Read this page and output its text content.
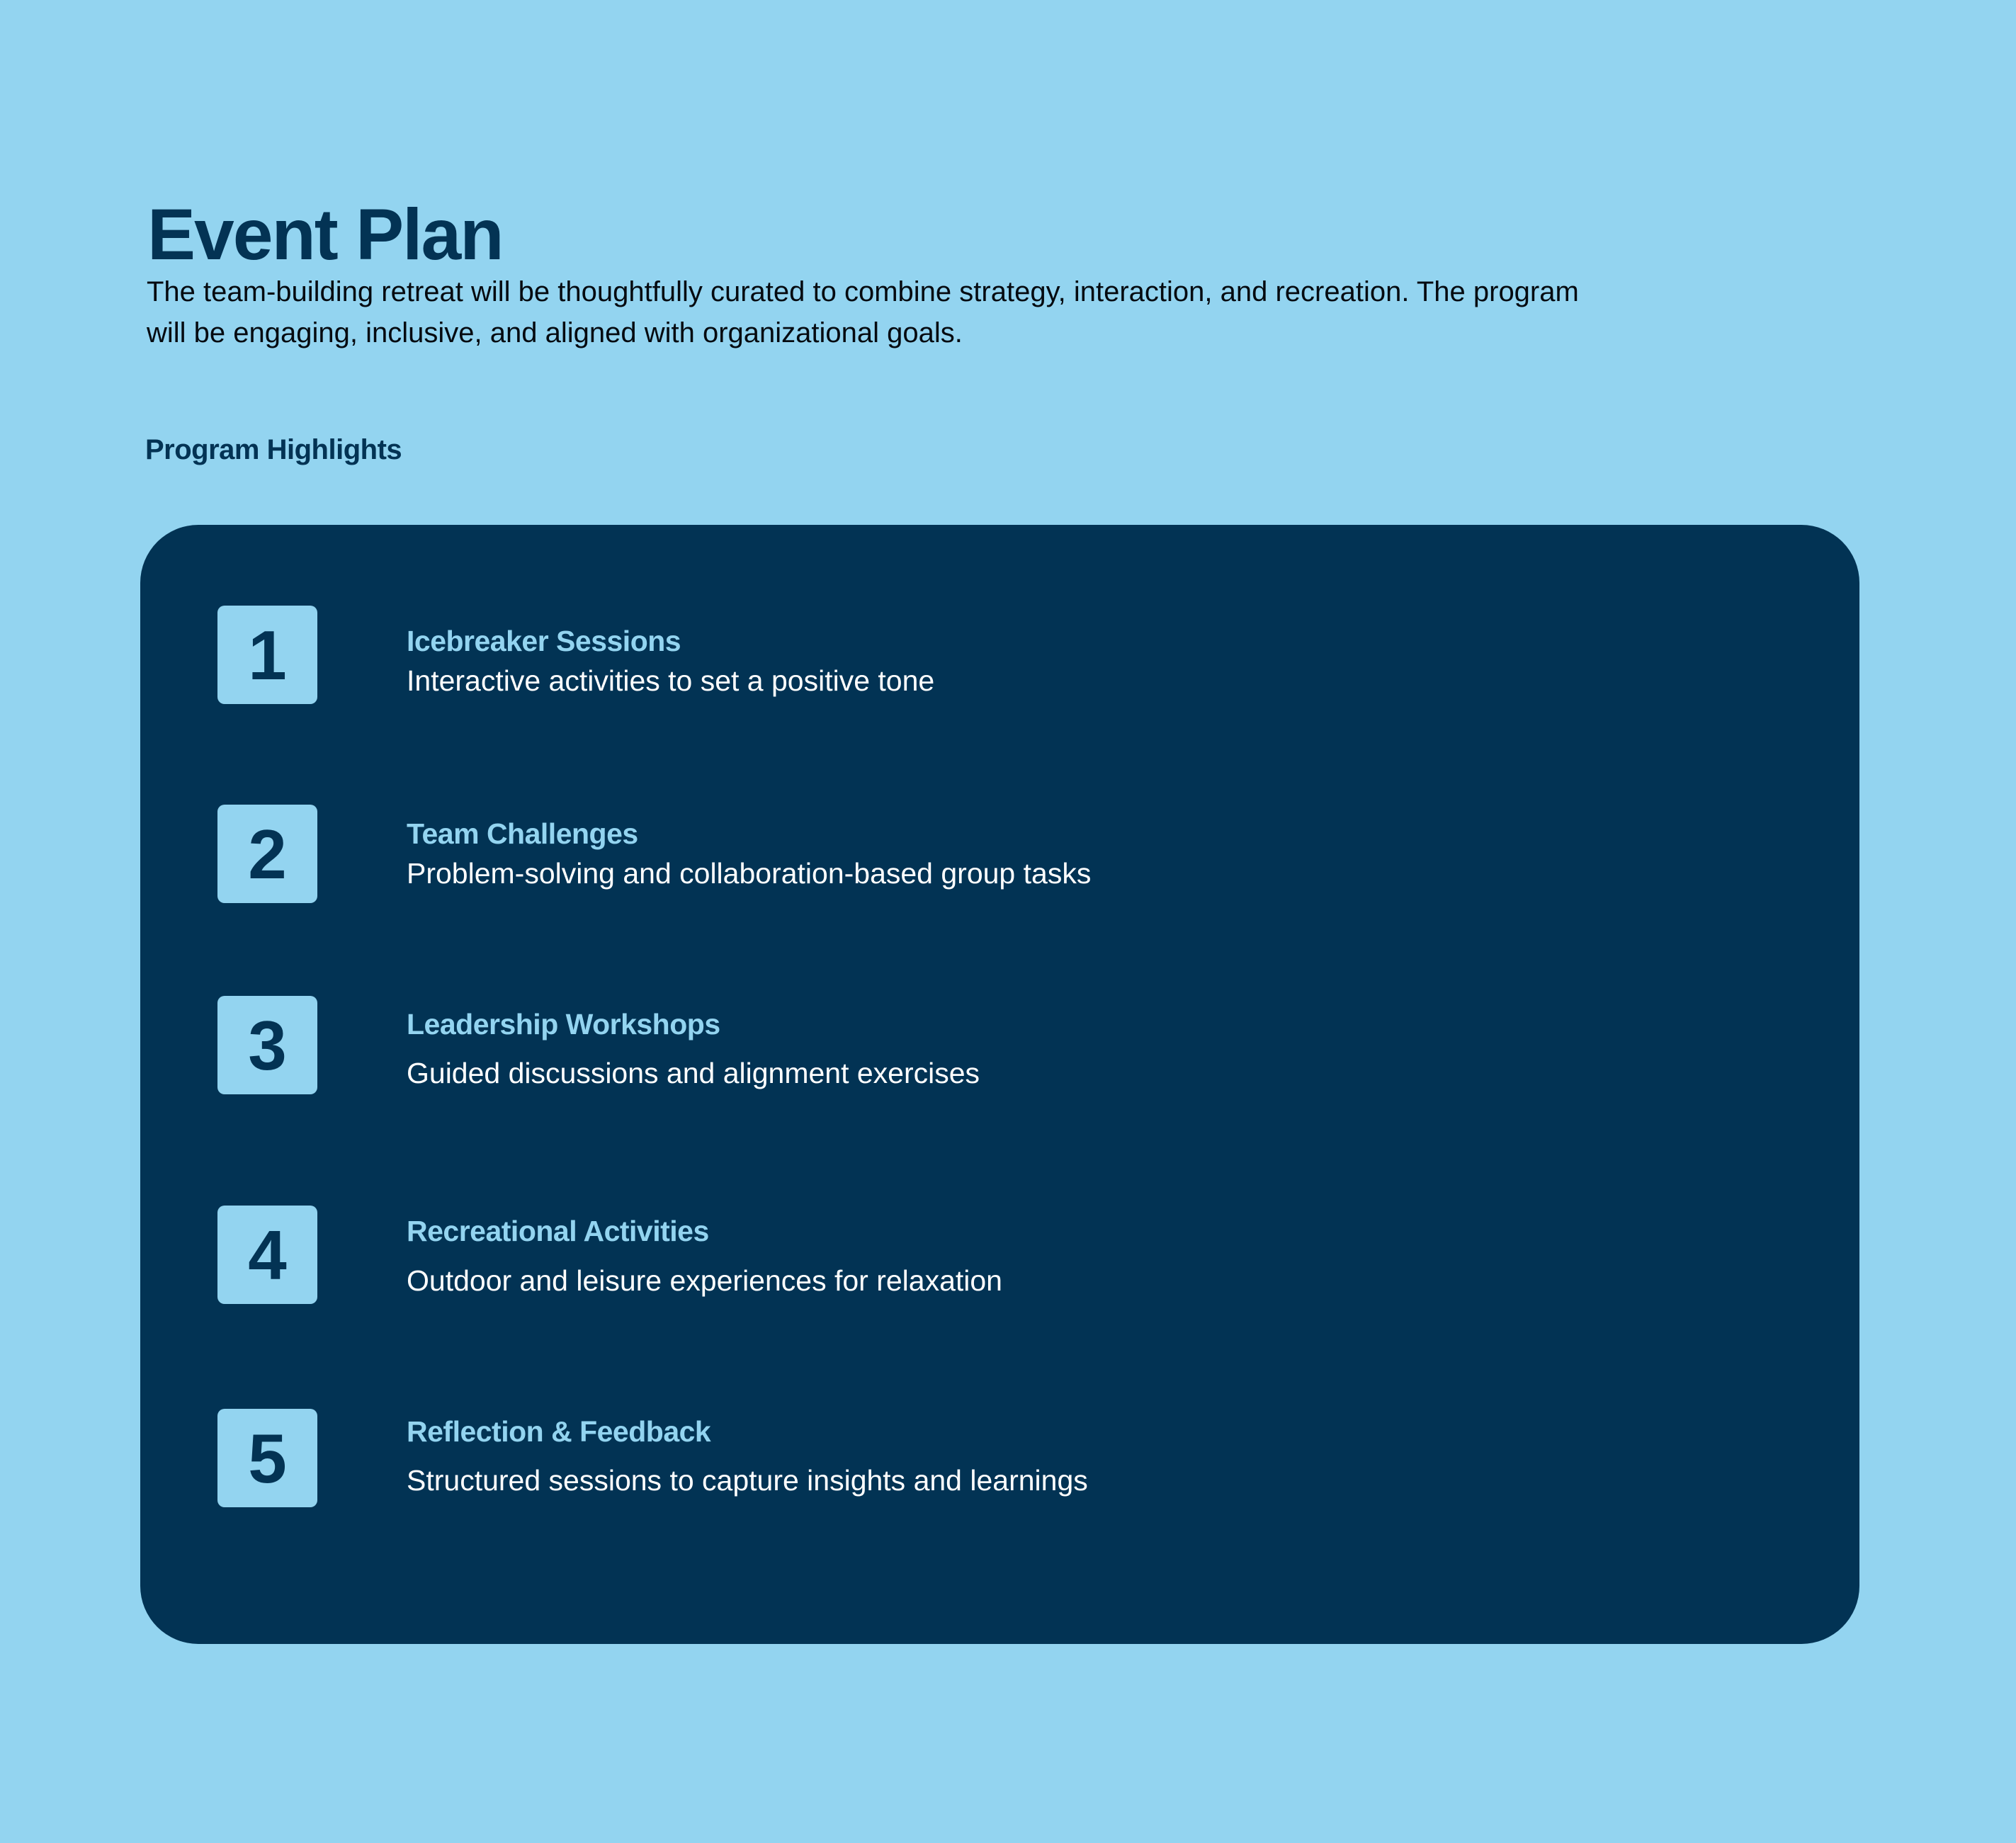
Event Plan
The team-building retreat will be thoughtfully curated to combine strategy, interaction, and recreation. The program
will be engaging, inclusive, and aligned with organizational goals.
Program Highlights
1	Icebreaker Sessions
Interactive activities to set a positive tone
2	Team Challenges
Problem-solving and collaboration-based group tasks
3	Leadership Workshops
Guided discussions and alignment exercises
4	Recreational Activities
Outdoor and leisure experiences for relaxation
5	Reflection & Feedback
Structured sessions to capture insights and learnings
